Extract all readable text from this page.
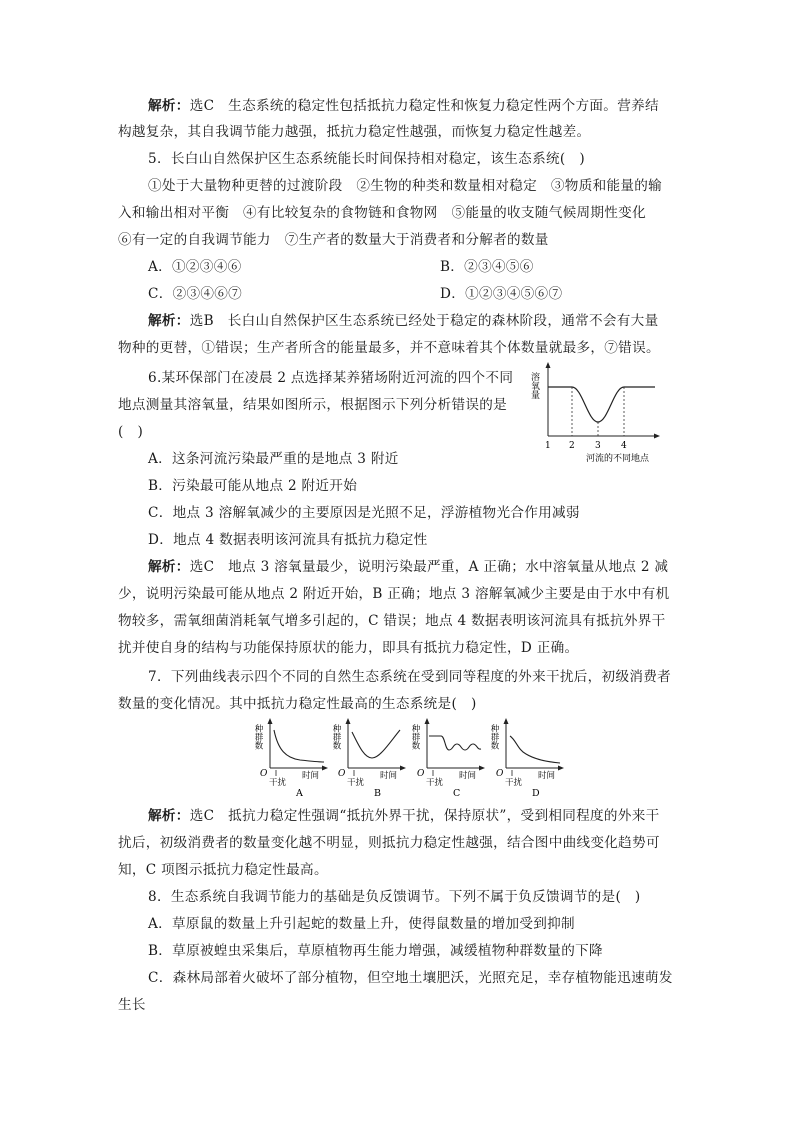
解析：选C　生态系统的稳定性包括抵抗力稳定性和恢复力稳定性两个方面。营养结
构越复杂，其自我调节能力越强，抵抗力稳定性越强，而恢复力稳定性越差。
5．长白山自然保护区生态系统能长时间保持相对稳定，该生态系统(　)
①处于大量物种更替的过渡阶段　②生物的种类和数量相对稳定　③物质和能量的输
入和输出相对平衡　④有比较复杂的食物链和食物网　⑤能量的收支随气候周期性变化
⑥有一定的自我调节能力　⑦生产者的数量大于消费者和分解者的数量
A．①②③④⑥	B．②③④⑤⑥
C．②③④⑥⑦	D．①②③④⑤⑥⑦
解析：选B　长白山自然保护区生态系统已经处于稳定的森林阶段，通常不会有大量
物种的更替，①错误；生产者所含的能量最多，并不意味着其个体数量就最多，⑦错误。
6.某环保部门在凌晨 2 点选择某养猪场附近河流的四个不同
地点测量其溶氧量，结果如图所示，根据图示下列分析错误的是
(　)
溶氧量
1 2 3 4
河流的不同地点
A．这条河流污染最严重的是地点 3 附近
B．污染最可能从地点 2 附近开始
C．地点 3 溶解氧减少的主要原因是光照不足，浮游植物光合作用减弱
D．地点 4 数据表明该河流具有抵抗力稳定性
解析：选C　地点 3 溶氧量最少，说明污染最严重，A 正确；水中溶氧量从地点 2 减
少，说明污染最可能从地点 2 附近开始，B 正确；地点 3 溶解氧减少主要是由于水中有机
物较多，需氧细菌消耗氧气增多引起的，C 错误；地点 4 数据表明该河流具有抵抗外界干
扰并使自身的结构与功能保持原状的能力，即具有抵抗力稳定性，D 正确。
7．下列曲线表示四个不同的自然生态系统在受到同等程度的外来干扰后，初级消费者
数量的变化情况。其中抵抗力稳定性最高的生态系统是(　)
种群数
O
干扰
时间
A
种群数
O
干扰
时间
B
种群数
O
干扰
时间
C
种群数
O
干扰
时间
D
解析：选C　抵抗力稳定性强调“抵抗外界干扰，保持原状”，受到相同程度的外来干
扰后，初级消费者的数量变化越不明显，则抵抗力稳定性越强，结合图中曲线变化趋势可
知，C 项图示抵抗力稳定性最高。
8．生态系统自我调节能力的基础是负反馈调节。下列不属于负反馈调节的是(　)
A．草原鼠的数量上升引起蛇的数量上升，使得鼠数量的增加受到抑制
B．草原被蝗虫采集后，草原植物再生能力增强，减缓植物种群数量的下降
C．森林局部着火破坏了部分植物，但空地土壤肥沃，光照充足，幸存植物能迅速萌发
生长
